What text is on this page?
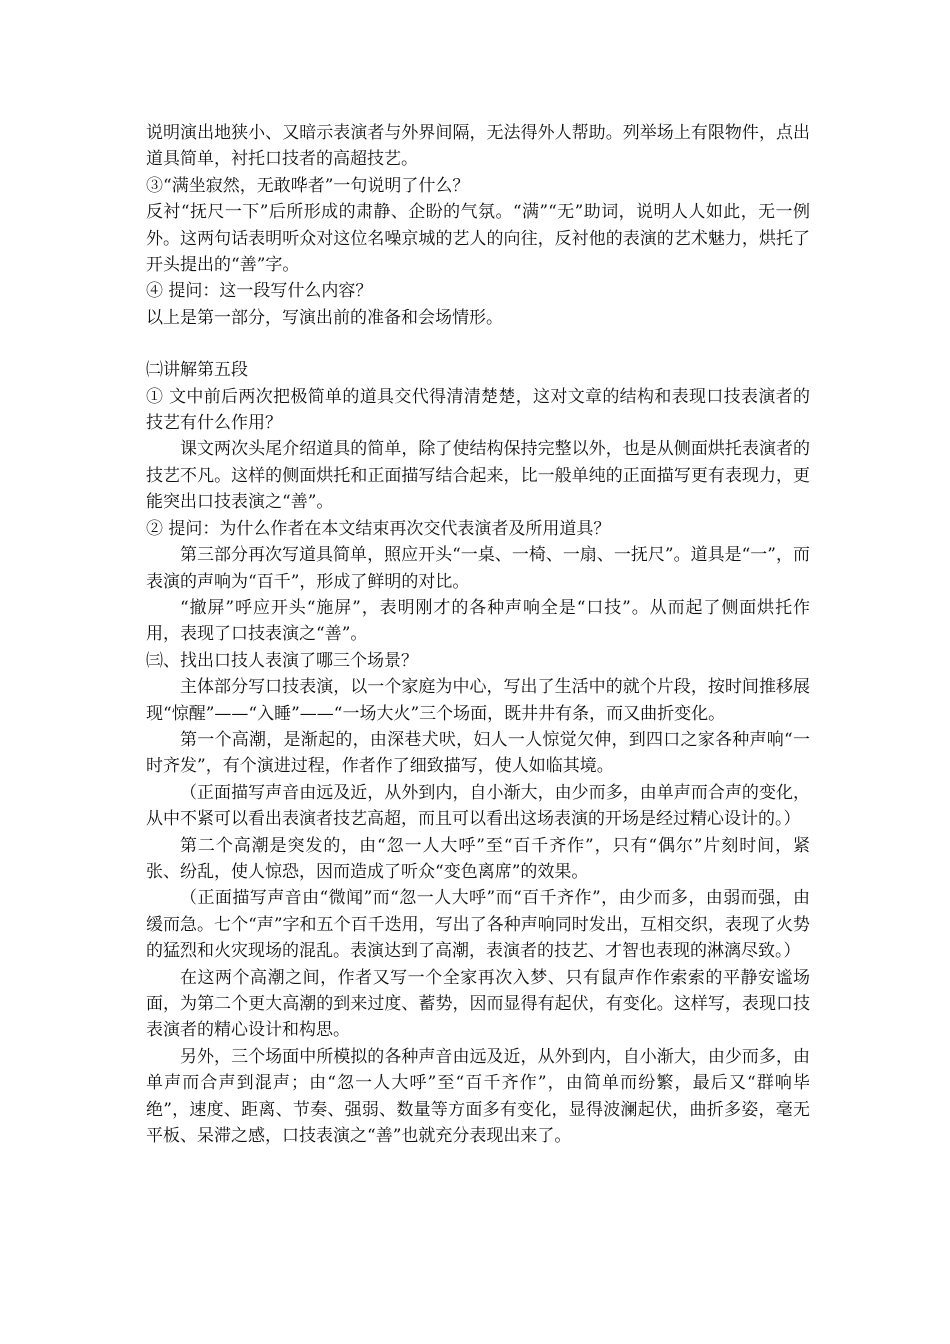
说明演出地狭小、又暗示表演者与外界间隔，无法得外人帮助。列举场上有限物件，点出道具简单，衬托口技者的高超技艺。

③“满坐寂然，无敢哗者”一句说明了什么？

反衬“抚尺一下”后所形成的肃静、企盼的气氛。“满”“无”助词，说明人人如此，无一例外。这两句话表明听众对这位名噪京城的艺人的向往，反衬他的表演的艺术魅力，烘托了开头提出的“善”字。

④ 提问：这一段写什么内容？

以上是第一部分，写演出前的准备和会场情形。

㈡讲解第五段

① 文中前后两次把极简单的道具交代得清清楚楚，这对文章的结构和表现口技表演者的技艺有什么作用？

课文两次头尾介绍道具的简单，除了使结构保持完整以外，也是从侧面烘托表演者的技艺不凡。这样的侧面烘托和正面描写结合起来，比一般单纯的正面描写更有表现力，更能突出口技表演之“善”。

② 提问：为什么作者在本文结束再次交代表演者及所用道具？

第三部分再次写道具简单，照应开头“一桌、一椅、一扇、一抚尺”。道具是“一”，而表演的声响为“百千”，形成了鲜明的对比。

“撤屏”呼应开头“施屏”，表明刚才的各种声响全是“口技”。从而起了侧面烘托作用，表现了口技表演之“善”。

㈢、找出口技人表演了哪三个场景？

主体部分写口技表演，以一个家庭为中心，写出了生活中的就个片段，按时间推移展现“惊醒”——“入睡”——“一场大火”三个场面，既井井有条，而又曲折变化。

第一个高潮，是渐起的，由深巷犬吠，妇人一人惊觉欠伸，到四口之家各种声响“一时齐发”，有个演进过程，作者作了细致描写，使人如临其境。

（正面描写声音由远及近，从外到内，自小渐大，由少而多，由单声而合声的变化，从中不紧可以看出表演者技艺高超，而且可以看出这场表演的开场是经过精心设计的。）

第二个高潮是突发的，由“忽一人大呼”至“百千齐作”，只有“偶尔”片刻时间，紧张、纷乱，使人惊恐，因而造成了听众“变色离席”的效果。

（正面描写声音由“微闻”而“忽一人大呼”而“百千齐作”，由少而多，由弱而强，由缓而急。七个“声”字和五个百千迭用，写出了各种声响同时发出，互相交织，表现了火势的猛烈和火灾现场的混乱。表演达到了高潮，表演者的技艺、才智也表现的淋漓尽致。）

在这两个高潮之间，作者又写一个全家再次入梦、只有鼠声作作索索的平静安谧场面，为第二个更大高潮的到来过度、蓄势，因而显得有起伏，有变化。这样写，表现口技表演者的精心设计和构思。

另外，三个场面中所模拟的各种声音由远及近，从外到内，自小渐大，由少而多，由单声而合声到混声；由“忽一人大呼”至“百千齐作”，由简单而纷繁，最后又“群响毕绝”，速度、距离、节奏、强弱、数量等方面多有变化，显得波澜起伏，曲折多姿，毫无平板、呆滞之感，口技表演之“善”也就充分表现出来了。
